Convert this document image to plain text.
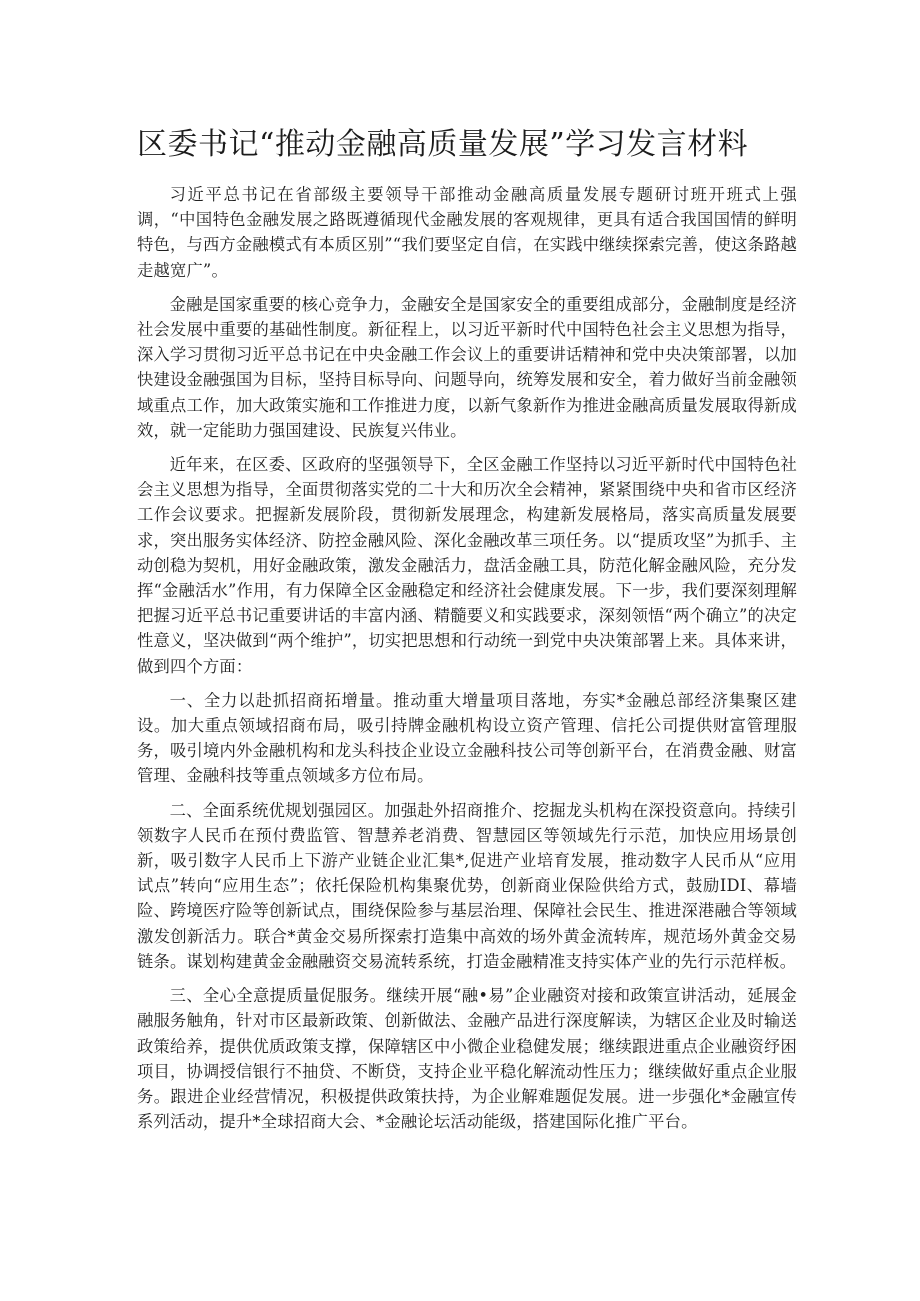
区委书记“推动金融高质量发展”学习发言材料

习近平总书记在省部级主要领导干部推动金融高质量发展专题研讨班开班式上强调，“中国特色金融发展之路既遵循现代金融发展的客观规律，更具有适合我国国情的鲜明特色，与西方金融模式有本质区别”“我们要坚定自信，在实践中继续探索完善，使这条路越走越宽广”。

金融是国家重要的核心竞争力，金融安全是国家安全的重要组成部分，金融制度是经济社会发展中重要的基础性制度。新征程上，以习近平新时代中国特色社会主义思想为指导，深入学习贯彻习近平总书记在中央金融工作会议上的重要讲话精神和党中央决策部署，以加快建设金融强国为目标，坚持目标导向、问题导向，统筹发展和安全，着力做好当前金融领域重点工作，加大政策实施和工作推进力度，以新气象新作为推进金融高质量发展取得新成效，就一定能助力强国建设、民族复兴伟业。

近年来，在区委、区政府的坚强领导下，全区金融工作坚持以习近平新时代中国特色社会主义思想为指导，全面贯彻落实党的二十大和历次全会精神，紧紧围绕中央和省市区经济工作会议要求。把握新发展阶段，贯彻新发展理念，构建新发展格局，落实高质量发展要求，突出服务实体经济、防控金融风险、深化金融改革三项任务。以“提质攻坚”为抓手、主动创稳为契机，用好金融政策，激发金融活力，盘活金融工具，防范化解金融风险，充分发挥“金融活水”作用，有力保障全区金融稳定和经济社会健康发展。下一步，我们要深刻理解把握习近平总书记重要讲话的丰富内涵、精髓要义和实践要求，深刻领悟“两个确立”的决定性意义，坚决做到“两个维护”，切实把思想和行动统一到党中央决策部署上来。具体来讲，做到四个方面：

一、全力以赴抓招商拓增量。推动重大增量项目落地，夯实*金融总部经济集聚区建设。加大重点领域招商布局，吸引持牌金融机构设立资产管理、信托公司提供财富管理服务，吸引境内外金融机构和龙头科技企业设立金融科技公司等创新平台，在消费金融、财富管理、金融科技等重点领域多方位布局。

二、全面系统优规划强园区。加强赴外招商推介、挖掘龙头机构在深投资意向。持续引领数字人民币在预付费监管、智慧养老消费、智慧园区等领域先行示范，加快应用场景创新，吸引数字人民币上下游产业链企业汇集*,促进产业培育发展，推动数字人民币从“应用试点”转向“应用生态”；依托保险机构集聚优势，创新商业保险供给方式，鼓励IDI、幕墙险、跨境医疗险等创新试点，围绕保险参与基层治理、保障社会民生、推进深港融合等领域激发创新活力。联合*黄金交易所探索打造集中高效的场外黄金流转库，规范场外黄金交易链条。谋划构建黄金金融融资交易流转系统，打造金融精准支持实体产业的先行示范样板。

三、全心全意提质量促服务。继续开展“融•易”企业融资对接和政策宣讲活动，延展金融服务触角，针对市区最新政策、创新做法、金融产品进行深度解读，为辖区企业及时输送政策给养，提供优质政策支撑，保障辖区中小微企业稳健发展；继续跟进重点企业融资纾困项目，协调授信银行不抽贷、不断贷，支持企业平稳化解流动性压力；继续做好重点企业服务。跟进企业经营情况，积极提供政策扶持，为企业解难题促发展。进一步强化*金融宣传系列活动，提升*全球招商大会、*金融论坛活动能级，搭建国际化推广平台。
